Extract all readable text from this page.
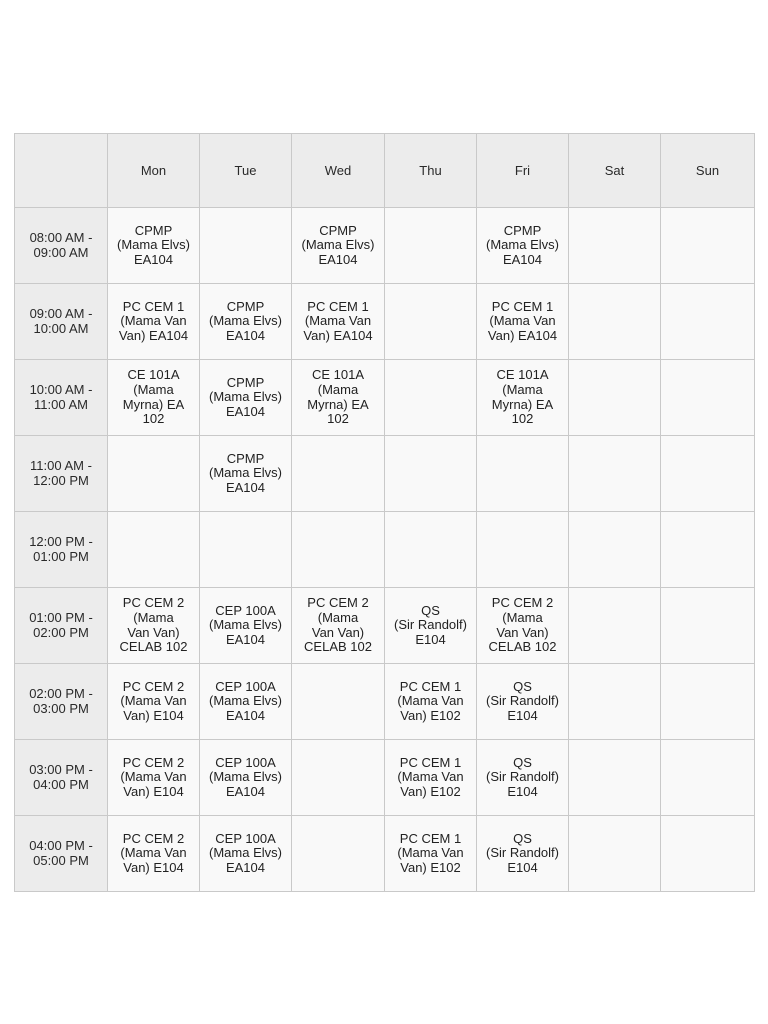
	Mon	Tue	Wed	Thu	Fri	Sat	Sun

08:00 AM -
09:00 AM	CPMP
(Mama Elvs)
EA104		CPMP
(Mama Elvs)
EA104		CPMP
(Mama Elvs)
EA104		

09:00 AM -
10:00 AM	PC CEM 1
(Mama Van
Van) EA104	CPMP
(Mama Elvs)
EA104	PC CEM 1
(Mama Van
Van) EA104		PC CEM 1
(Mama Van
Van) EA104		

10:00 AM -
11:00 AM	CE 101A
(Mama
Myrna) EA
102	CPMP
(Mama Elvs)
EA104	CE 101A
(Mama
Myrna) EA
102		CE 101A
(Mama
Myrna) EA
102		

11:00 AM -
12:00 PM		CPMP
(Mama Elvs)
EA104					

12:00 PM -
01:00 PM							

01:00 PM -
02:00 PM	PC CEM 2
(Mama
Van Van)
CELAB 102	CEP 100A
(Mama Elvs)
EA104	PC CEM 2
(Mama
Van Van)
CELAB 102	QS
(Sir Randolf)
E104	PC CEM 2
(Mama
Van Van)
CELAB 102		

02:00 PM -
03:00 PM	PC CEM 2
(Mama Van
Van) E104	CEP 100A
(Mama Elvs)
EA104		PC CEM 1
(Mama Van
Van) E102	QS
(Sir Randolf)
E104		

03:00 PM -
04:00 PM	PC CEM 2
(Mama Van
Van) E104	CEP 100A
(Mama Elvs)
EA104		PC CEM 1
(Mama Van
Van) E102	QS
(Sir Randolf)
E104		

04:00 PM -
05:00 PM	PC CEM 2
(Mama Van
Van) E104	CEP 100A
(Mama Elvs)
EA104		PC CEM 1
(Mama Van
Van) E102	QS
(Sir Randolf)
E104		
